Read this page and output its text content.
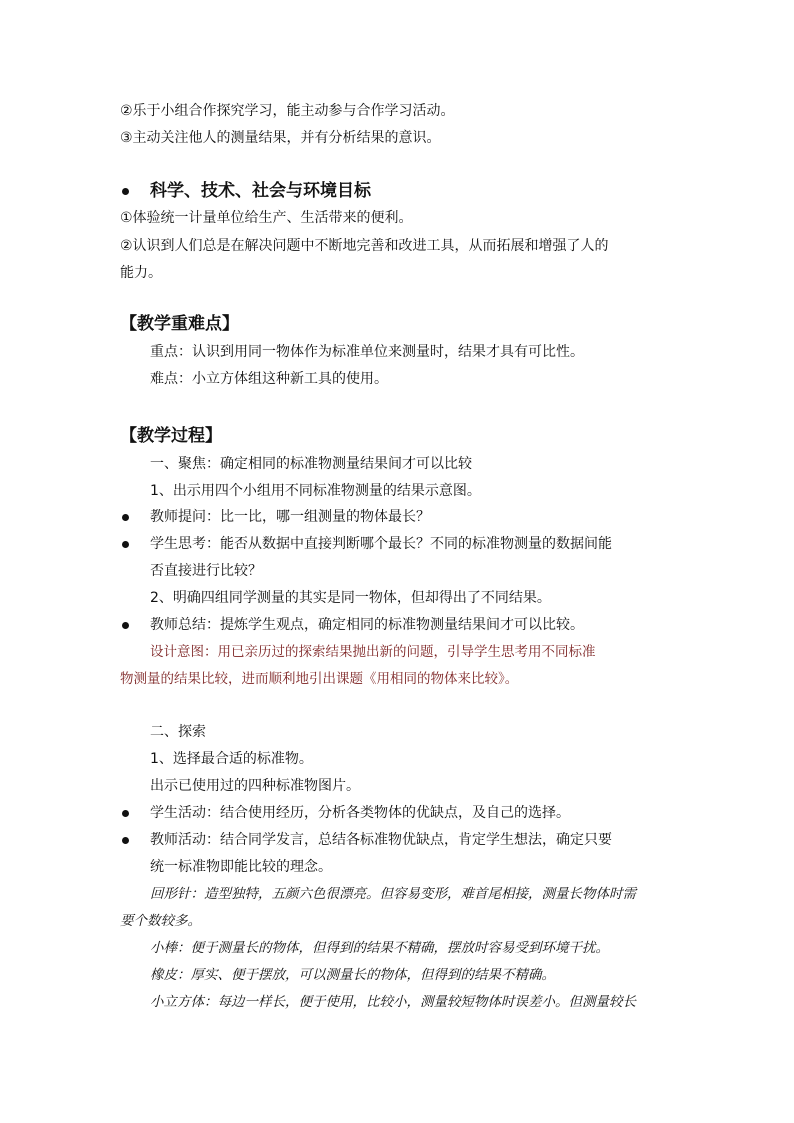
②乐于小组合作探究学习，能主动参与合作学习活动。
③主动关注他人的测量结果，并有分析结果的意识。
科学、技术、社会与环境目标
①体验统一计量单位给生产、生活带来的便利。
②认识到人们总是在解决问题中不断地完善和改进工具，从而拓展和增强了人的
能力。
【教学重难点】
重点：认识到用同一物体作为标准单位来测量时，结果才具有可比性。
难点：小立方体组这种新工具的使用。
【教学过程】
一、聚焦：确定相同的标准物测量结果间才可以比较
1、出示用四个小组用不同标准物测量的结果示意图。
教师提问：比一比，哪一组测量的物体最长？
学生思考：能否从数据中直接判断哪个最长？不同的标准物测量的数据间能
否直接进行比较？
2、明确四组同学测量的其实是同一物体，但却得出了不同结果。
教师总结：提炼学生观点，确定相同的标准物测量结果间才可以比较。
设计意图：用已亲历过的探索结果抛出新的问题，引导学生思考用不同标准
物测量的结果比较，进而顺利地引出课题《用相同的物体来比较》。
二、探索
1、选择最合适的标准物。
出示已使用过的四种标准物图片。
学生活动：结合使用经历，分析各类物体的优缺点，及自己的选择。
教师活动：结合同学发言，总结各标准物优缺点，肯定学生想法，确定只要
统一标准物即能比较的理念。
回形针：造型独特，五颜六色很漂亮。但容易变形，难首尾相接，测量长物体时需
要个数较多。
小棒：便于测量长的物体，但得到的结果不精确，摆放时容易受到环境干扰。
橡皮：厚实、便于摆放，可以测量长的物体，但得到的结果不精确。
小立方体：每边一样长，便于使用，比较小，测量较短物体时误差小。但测量较长
